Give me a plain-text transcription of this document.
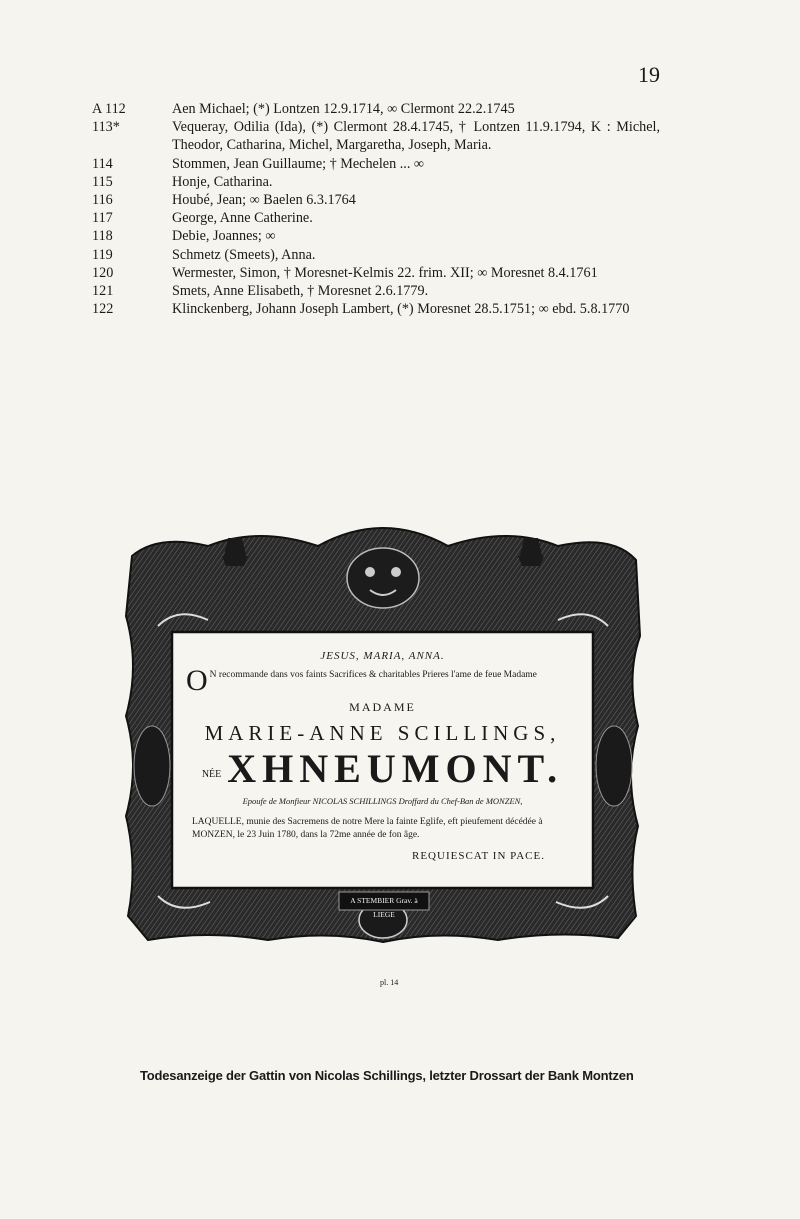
19
A 112	Aen Michael; (*) Lontzen 12.9.1714, ∞ Clermont 22.2.1745
113*	Vequeray, Odilia (Ida), (*) Clermont 28.4.1745, † Lontzen 11.9.1794, K : Michel, Theodor, Catharina, Michel, Margaretha, Joseph, Maria.
114	Stommen, Jean Guillaume; † Mechelen ... ∞
115	Honje, Catharina.
116	Houbé, Jean; ∞ Baelen 6.3.1764
117	George, Anne Catherine.
118	Debie, Joannes; ∞
119	Schmetz (Smeets), Anna.
120	Wermester, Simon, † Moresnet-Kelmis 22. frim. XII; ∞ Moresnet 8.4.1761
121	Smets, Anne Elisabeth, † Moresnet 2.6.1779.
122	Klinckenberg, Johann Joseph Lambert, (*) Moresnet 28.5.1751; ∞ ebd. 5.8.1770
JESUS, MARIA, ANNA.
O N recommande dans vos faints Sacrifices & charitables Prieres l'ame de feue Madame
MADAME
MARIE-ANNE SCILLINGS,
NÉE XHNEUMONT.
Epoufe de Monfieur NICOLAS SCHILLINGS Droffard du Chef-Ban de MONZEN,
LAQUELLE, munie des Sacremens de notre Mere la fainte Eglife, eft pieufement décédée à MONZEN, le 23 Juin 1780, dans la 72me année de fon âge.
REQUIESCAT IN PACE.
A STEMBIER Grav. à LIEGE
pl. 14
Todesanzeige der Gattin von Nicolas Schillings, letzter Drossart der Bank Montzen
